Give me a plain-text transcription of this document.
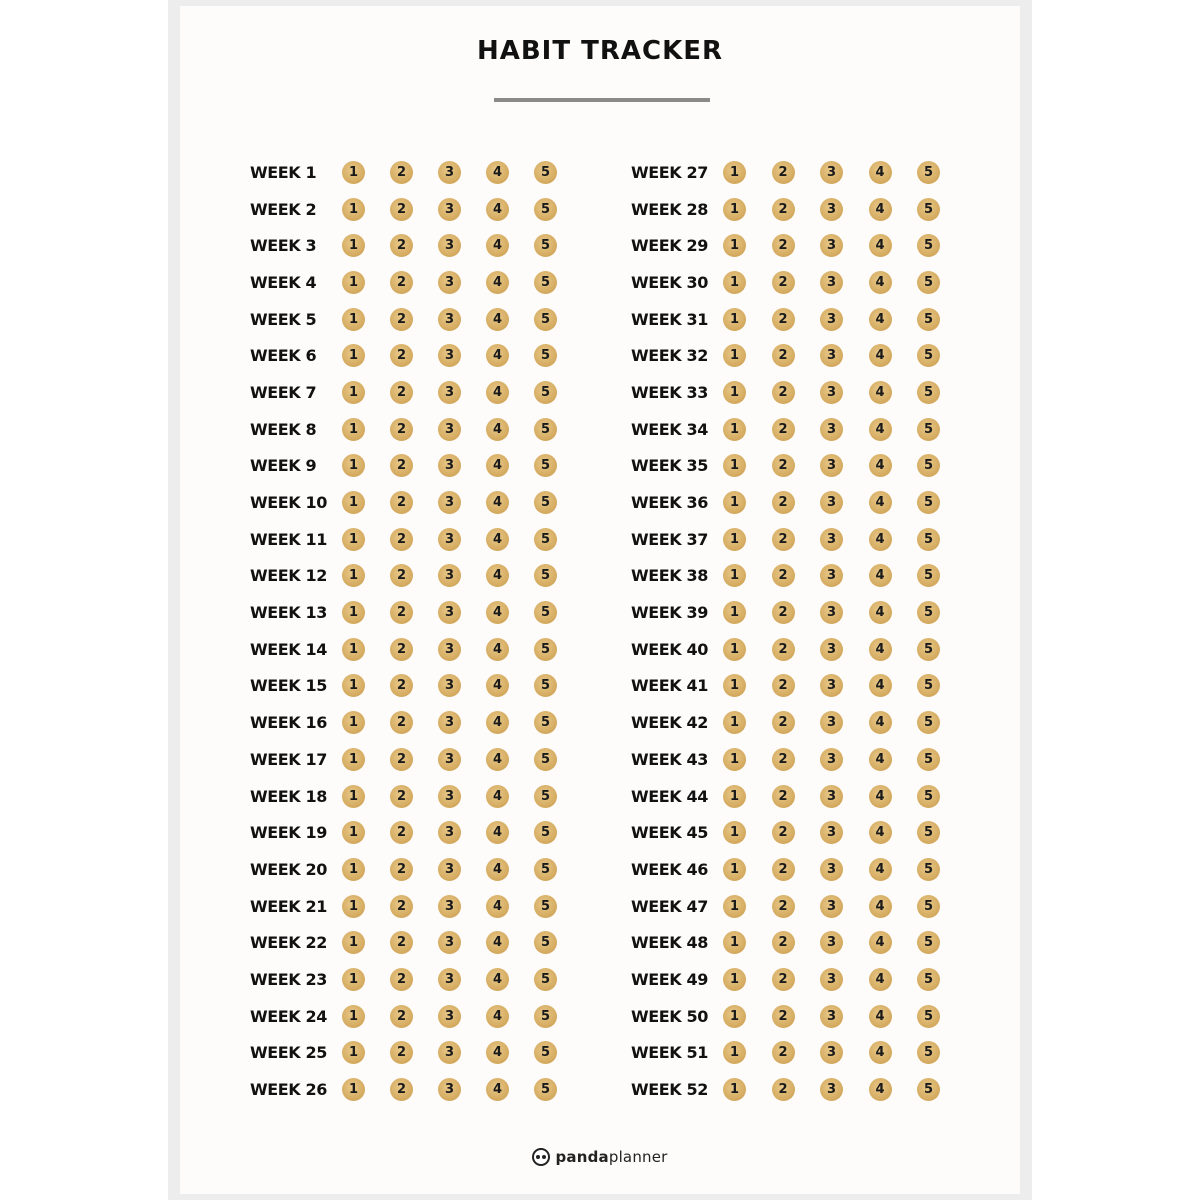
HABIT TRACKER
WEEK 1	1	2	3	4	5
WEEK 2	1	2	3	4	5
WEEK 3	1	2	3	4	5
WEEK 4	1	2	3	4	5
WEEK 5	1	2	3	4	5
WEEK 6	1	2	3	4	5
WEEK 7	1	2	3	4	5
WEEK 8	1	2	3	4	5
WEEK 9	1	2	3	4	5
WEEK 10	1	2	3	4	5
WEEK 11	1	2	3	4	5
WEEK 12	1	2	3	4	5
WEEK 13	1	2	3	4	5
WEEK 14	1	2	3	4	5
WEEK 15	1	2	3	4	5
WEEK 16	1	2	3	4	5
WEEK 17	1	2	3	4	5
WEEK 18	1	2	3	4	5
WEEK 19	1	2	3	4	5
WEEK 20	1	2	3	4	5
WEEK 21	1	2	3	4	5
WEEK 22	1	2	3	4	5
WEEK 23	1	2	3	4	5
WEEK 24	1	2	3	4	5
WEEK 25	1	2	3	4	5
WEEK 26	1	2	3	4	5
WEEK 27	1	2	3	4	5
WEEK 28	1	2	3	4	5
WEEK 29	1	2	3	4	5
WEEK 30	1	2	3	4	5
WEEK 31	1	2	3	4	5
WEEK 32	1	2	3	4	5
WEEK 33	1	2	3	4	5
WEEK 34	1	2	3	4	5
WEEK 35	1	2	3	4	5
WEEK 36	1	2	3	4	5
WEEK 37	1	2	3	4	5
WEEK 38	1	2	3	4	5
WEEK 39	1	2	3	4	5
WEEK 40	1	2	3	4	5
WEEK 41	1	2	3	4	5
WEEK 42	1	2	3	4	5
WEEK 43	1	2	3	4	5
WEEK 44	1	2	3	4	5
WEEK 45	1	2	3	4	5
WEEK 46	1	2	3	4	5
WEEK 47	1	2	3	4	5
WEEK 48	1	2	3	4	5
WEEK 49	1	2	3	4	5
WEEK 50	1	2	3	4	5
WEEK 51	1	2	3	4	5
WEEK 52	1	2	3	4	5
pandaplanner
